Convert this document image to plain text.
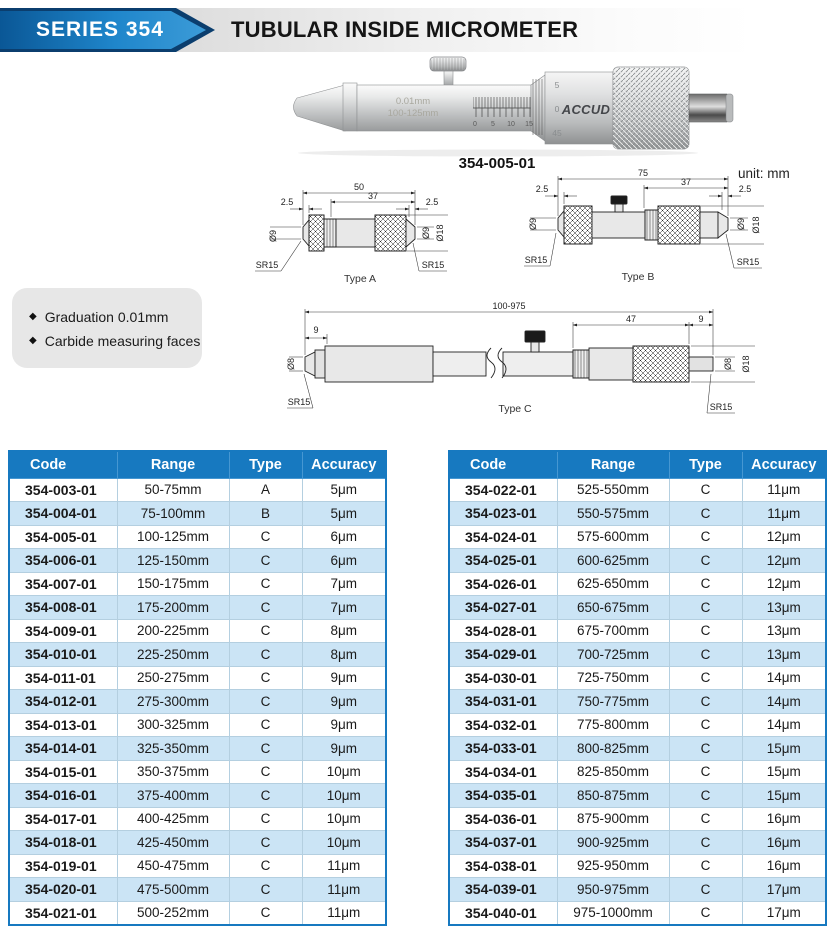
SERIES 354	TUBULAR INSIDE MICROMETER
0.01mm
100-125mm
0 5 10 15
5
0
45
ACCUD
354-005-01
unit: mm
50
37
2.5	2.5
Ø9	Ø9 Ø18
SR15	SR15
Type A
75
37
2.5	2.5
Ø9	Ø9 Ø18
SR15	SR15
Type B
100-975
47	9
9
Ø8	Ø8 Ø18
SR15	SR15
Type C
◆ Graduation 0.01mm
◆ Carbide measuring faces
Code	Range	Type	Accuracy
354-003-01	50-75mm	A	5μm
354-004-01	75-100mm	B	5μm
354-005-01	100-125mm	C	6μm
354-006-01	125-150mm	C	6μm
354-007-01	150-175mm	C	7μm
354-008-01	175-200mm	C	7μm
354-009-01	200-225mm	C	8μm
354-010-01	225-250mm	C	8μm
354-011-01	250-275mm	C	9μm
354-012-01	275-300mm	C	9μm
354-013-01	300-325mm	C	9μm
354-014-01	325-350mm	C	9μm
354-015-01	350-375mm	C	10μm
354-016-01	375-400mm	C	10μm
354-017-01	400-425mm	C	10μm
354-018-01	425-450mm	C	10μm
354-019-01	450-475mm	C	11μm
354-020-01	475-500mm	C	11μm
354-021-01	500-252mm	C	11μm
Code	Range	Type	Accuracy
354-022-01	525-550mm	C	11μm
354-023-01	550-575mm	C	11μm
354-024-01	575-600mm	C	12μm
354-025-01	600-625mm	C	12μm
354-026-01	625-650mm	C	12μm
354-027-01	650-675mm	C	13μm
354-028-01	675-700mm	C	13μm
354-029-01	700-725mm	C	13μm
354-030-01	725-750mm	C	14μm
354-031-01	750-775mm	C	14μm
354-032-01	775-800mm	C	14μm
354-033-01	800-825mm	C	15μm
354-034-01	825-850mm	C	15μm
354-035-01	850-875mm	C	15μm
354-036-01	875-900mm	C	16μm
354-037-01	900-925mm	C	16μm
354-038-01	925-950mm	C	16μm
354-039-01	950-975mm	C	17μm
354-040-01	975-1000mm	C	17μm
